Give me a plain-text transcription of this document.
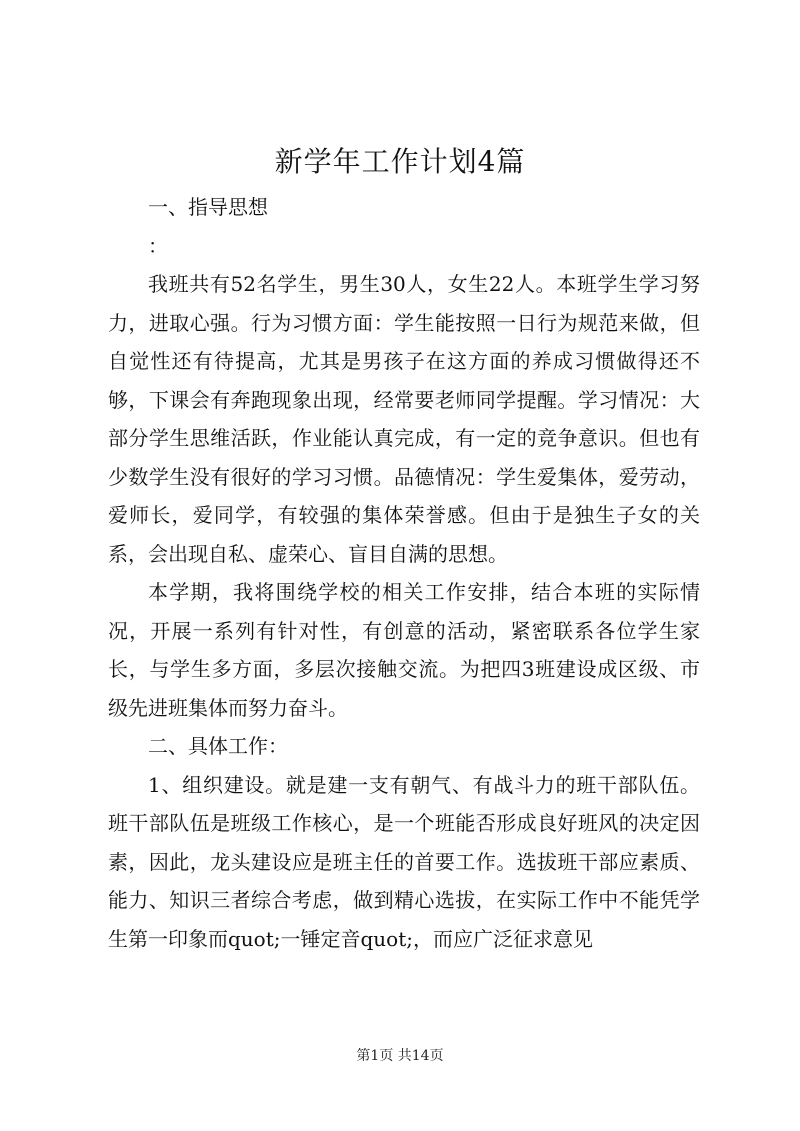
新学年工作计划4篇

一、指导思想

：

我班共有52名学生，男生30人，女生22人。本班学生学习努力，进取心强。行为习惯方面：学生能按照一日行为规范来做，但自觉性还有待提高，尤其是男孩子在这方面的养成习惯做得还不够，下课会有奔跑现象出现，经常要老师同学提醒。学习情况：大部分学生思维活跃，作业能认真完成，有一定的竞争意识。但也有少数学生没有很好的学习习惯。品德情况：学生爱集体，爱劳动，爱师长，爱同学，有较强的集体荣誉感。但由于是独生子女的关系，会出现自私、虚荣心、盲目自满的思想。

本学期，我将围绕学校的相关工作安排，结合本班的实际情况，开展一系列有针对性，有创意的活动，紧密联系各位学生家长，与学生多方面，多层次接触交流。为把四3班建设成区级、市级先进班集体而努力奋斗。

二、具体工作：

1、组织建设。就是建一支有朝气、有战斗力的班干部队伍。班干部队伍是班级工作核心，是一个班能否形成良好班风的决定因素，因此，龙头建设应是班主任的首要工作。选拔班干部应素质、能力、知识三者综合考虑，做到精心选拔，在实际工作中不能凭学生第一印象而quot;一锤定音quot;，而应广泛征求意见

第1页 共14页
